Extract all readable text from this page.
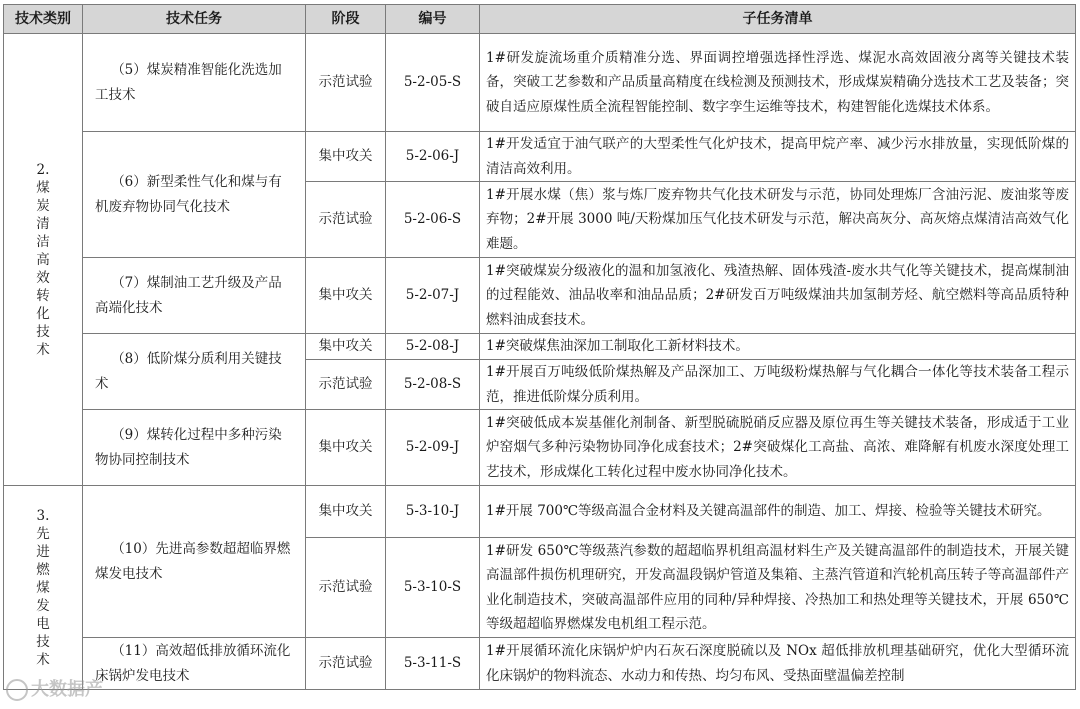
技术类别	技术任务	阶段	编号	子任务清单

2.煤炭清洁高效转化技术	（5）煤炭精准智能化洗选加工技术	示范试验	5-2-05-S	1#研发旋流场重介质精准分选、界面调控增强选择性浮选、煤泥水高效固液分离等关键技术装备，突破工艺参数和产品质量高精度在线检测及预测技术，形成煤炭精确分选技术工艺及装备；突破自适应原煤性质全流程智能控制、数字孪生运维等技术，构建智能化选煤技术体系。
	（6）新型柔性气化和煤与有机废弃物协同气化技术	集中攻关	5-2-06-J	1#开发适宜于油气联产的大型柔性气化炉技术，提高甲烷产率、减少污水排放量，实现低阶煤的清洁高效利用。
		示范试验	5-2-06-S	1#开展水煤（焦）浆与炼厂废弃物共气化技术研发与示范，协同处理炼厂含油污泥、废油浆等废弃物；2#开展 3000 吨/天粉煤加压气化技术研发与示范，解决高灰分、高灰熔点煤清洁高效气化难题。
	（7）煤制油工艺升级及产品高端化技术	集中攻关	5-2-07-J	1#突破煤炭分级液化的温和加氢液化、残渣热解、固体残渣-废水共气化等关键技术，提高煤制油的过程能效、油品收率和油品品质；2#研发百万吨级煤油共加氢制芳烃、航空燃料等高品质特种燃料油成套技术。
	（8）低阶煤分质利用关键技术	集中攻关	5-2-08-J	1#突破煤焦油深加工制取化工新材料技术。
		示范试验	5-2-08-S	1#开展百万吨级低阶煤热解及产品深加工、万吨级粉煤热解与气化耦合一体化等技术装备工程示范，推进低阶煤分质利用。
	（9）煤转化过程中多种污染物协同控制技术	集中攻关	5-2-09-J	1#突破低成本炭基催化剂制备、新型脱硫脱硝反应器及原位再生等关键技术装备，形成适于工业炉窑烟气多种污染物协同净化成套技术；2#突破煤化工高盐、高浓、难降解有机废水深度处理工艺技术，形成煤化工转化过程中废水协同净化技术。

3.先进燃煤发电技术	（10）先进高参数超超临界燃煤发电技术	集中攻关	5-3-10-J	1#开展 700℃等级高温合金材料及关键高温部件的制造、加工、焊接、检验等关键技术研究。
		示范试验	5-3-10-S	1#研发 650℃等级蒸汽参数的超超临界机组高温材料生产及关键高温部件的制造技术，开展关键高温部件损伤机理研究，开发高温段锅炉管道及集箱、主蒸汽管道和汽轮机高压转子等高温部件产业化制造技术，突破高温部件应用的同种/异种焊接、冷热加工和热处理等关键技术，开展 650℃等级超超临界燃煤发电机组工程示范。
	（11）高效超低排放循环流化床锅炉发电技术	示范试验	5-3-11-S	1#开展循环流化床锅炉炉内石灰石深度脱硫以及 NOx 超低排放机理基础研究，优化大型循环流化床锅炉的物料流态、水动力和传热、均匀布风、受热面壁温偏差控制
大数据产
